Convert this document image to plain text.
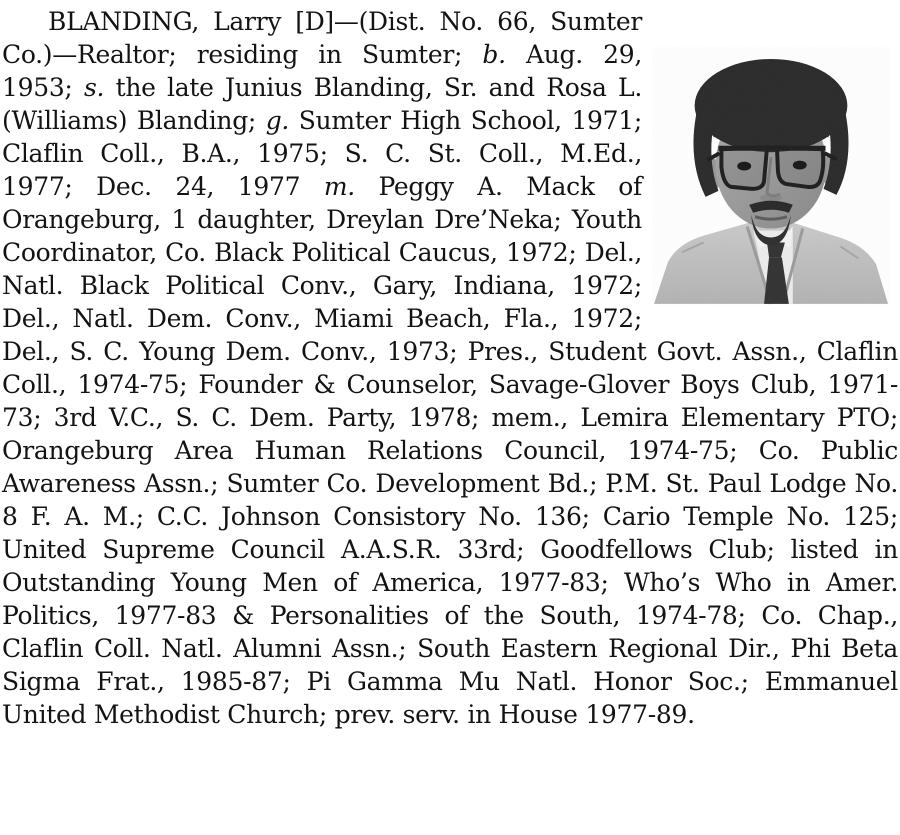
BLANDING, Larry [D]—(Dist. No. 66, Sumter Co.)—Realtor; residing in Sumter; b. Aug. 29, 1953; s. the late Junius Blanding, Sr. and Rosa L. (Williams) Blanding; g. Sumter High School, 1971; Claflin Coll., B.A., 1975; S. C. St. Coll., M.Ed., 1977; Dec. 24, 1977 m. Peggy A. Mack of Orangeburg, 1 daughter, Dreylan Dre’Neka; Youth Coordinator, Co. Black Political Caucus, 1972; Del., Natl. Black Political Conv., Gary, Indiana, 1972; Del., Natl. Dem. Conv., Miami Beach, Fla., 1972; Del., S. C. Young Dem. Conv., 1973; Pres., Student Govt. Assn., Claflin Coll., 1974-75; Founder & Counselor, Savage-Glover Boys Club, 1971-73; 3rd V.C., S. C. Dem. Party, 1978; mem., Lemira Elementary PTO; Orangeburg Area Human Relations Council, 1974-75; Co. Public Awareness Assn.; Sumter Co. Development Bd.; P.M. St. Paul Lodge No. 8 F. A. M.; C.C. Johnson Consistory No. 136; Cario Temple No. 125; United Supreme Council A.A.S.R. 33rd; Goodfellows Club; listed in Outstanding Young Men of America, 1977-83; Who’s Who in Amer. Politics, 1977-83 & Personalities of the South, 1974-78; Co. Chap., Claflin Coll. Natl. Alumni Assn.; South Eastern Regional Dir., Phi Beta Sigma Frat., 1985-87; Pi Gamma Mu Natl. Honor Soc.; Emmanuel United Methodist Church; prev. serv. in House 1977-89.
